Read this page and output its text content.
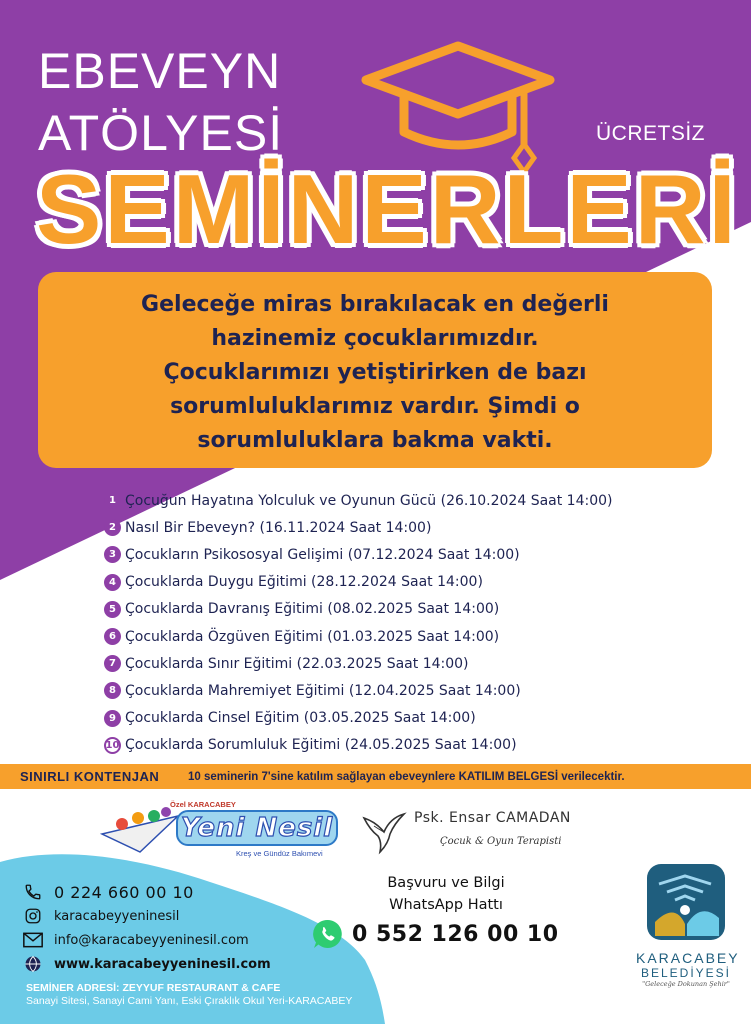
EBEVEYN
ATÖLYESİ	ÜCRETSİZ
SEMİNERLERİ
Geleceğe miras bırakılacak en değerli
hazinemiz çocuklarımızdır.
Çocuklarımızı yetiştirirken de bazı
sorumluluklarımız vardır. Şimdi o
sorumluluklara bakma vakti.
“	“
1 Çocuğun Hayatına Yolculuk ve Oyunun Gücü (26.10.2024 Saat 14:00)
2 Nasıl Bir Ebeveyn? (16.11.2024 Saat 14:00)
3 Çocukların Psikososyal Gelişimi (07.12.2024 Saat 14:00)
4 Çocuklarda Duygu Eğitimi (28.12.2024 Saat 14:00)
5 Çocuklarda Davranış Eğitimi (08.02.2025 Saat 14:00)
6 Çocuklarda Özgüven Eğitimi (01.03.2025 Saat 14:00)
7 Çocuklarda Sınır Eğitimi (22.03.2025 Saat 14:00)
8 Çocuklarda Mahremiyet Eğitimi (12.04.2025 Saat 14:00)
9 Çocuklarda Cinsel Eğitim (03.05.2025 Saat 14:00)
10 Çocuklarda Sorumluluk Eğitimi (24.05.2025 Saat 14:00)
SINIRLI KONTENJAN	10 seminerin 7'sine katılım sağlayan ebeveynlere KATILIM BELGESİ verilecektir.
Özel KARACABEY
Yeni Nesil
Kreş ve Gündüz Bakımevi
Psk. Ensar CAMADAN
Çocuk & Oyun Terapisti
0 224 660 00 10
karacabeyyeninesil
info@karacabeyyeninesil.com
www.karacabeyyeninesil.com
SEMİNER ADRESİ: ZEYYUF RESTAURANT & CAFE
Sanayi Sitesi, Sanayi Cami Yanı, Eski Çıraklık Okul Yeri-KARACABEY
Başvuru ve Bilgi
WhatsApp Hattı
0 552 126 00 10
KARACABEY
BELEDİYESİ
"Geleceğe Dokunan Şehir"
